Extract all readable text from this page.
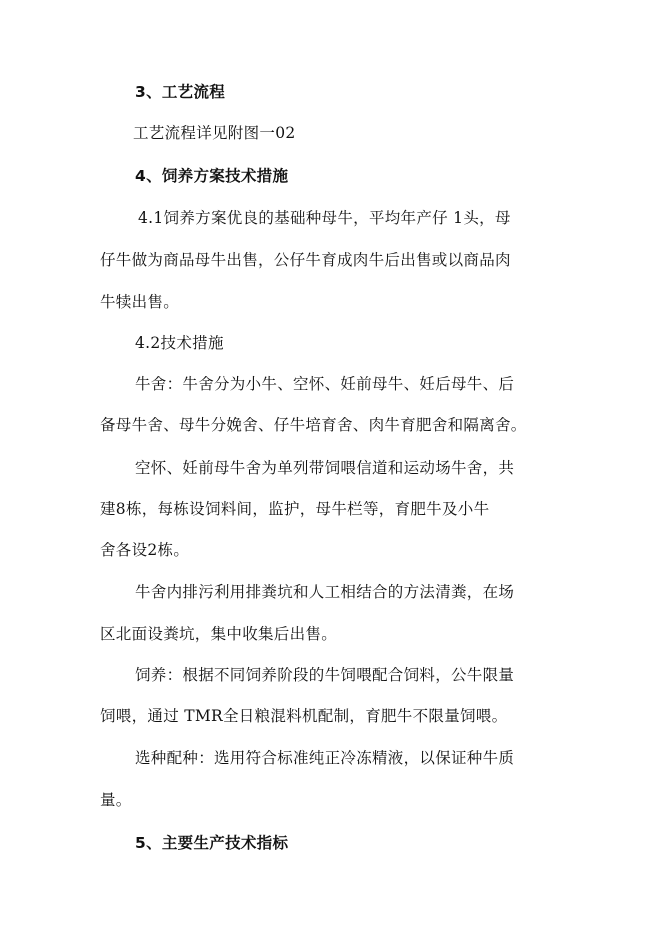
3、工艺流程
工艺流程详见附图一02
4、饲养方案技术措施
4.1饲养方案优良的基础种母牛，平均年产仔 1头，母
仔牛做为商品母牛出售，公仔牛育成肉牛后出售或以商品肉
牛犊出售。
4.2技术措施
牛舍：牛舍分为小牛、空怀、妊前母牛、妊后母牛、后
备母牛舍、母牛分娩舍、仔牛培育舍、肉牛育肥舍和隔离舍。
空怀、妊前母牛舍为单列带饲喂信道和运动场牛舍，共
建8栋，每栋设饲料间，监护，母牛栏等，育肥牛及小牛
舍各设2栋。
牛舍内排污利用排粪坑和人工相结合的方法清粪，在场
区北面设粪坑，集中收集后出售。
饲养：根据不同饲养阶段的牛饲喂配合饲料，公牛限量
饲喂，通过 TMR全日粮混料机配制，育肥牛不限量饲喂。
选种配种：选用符合标准纯正冷冻精液，以保证种牛质
量。
5、主要生产技术指标
